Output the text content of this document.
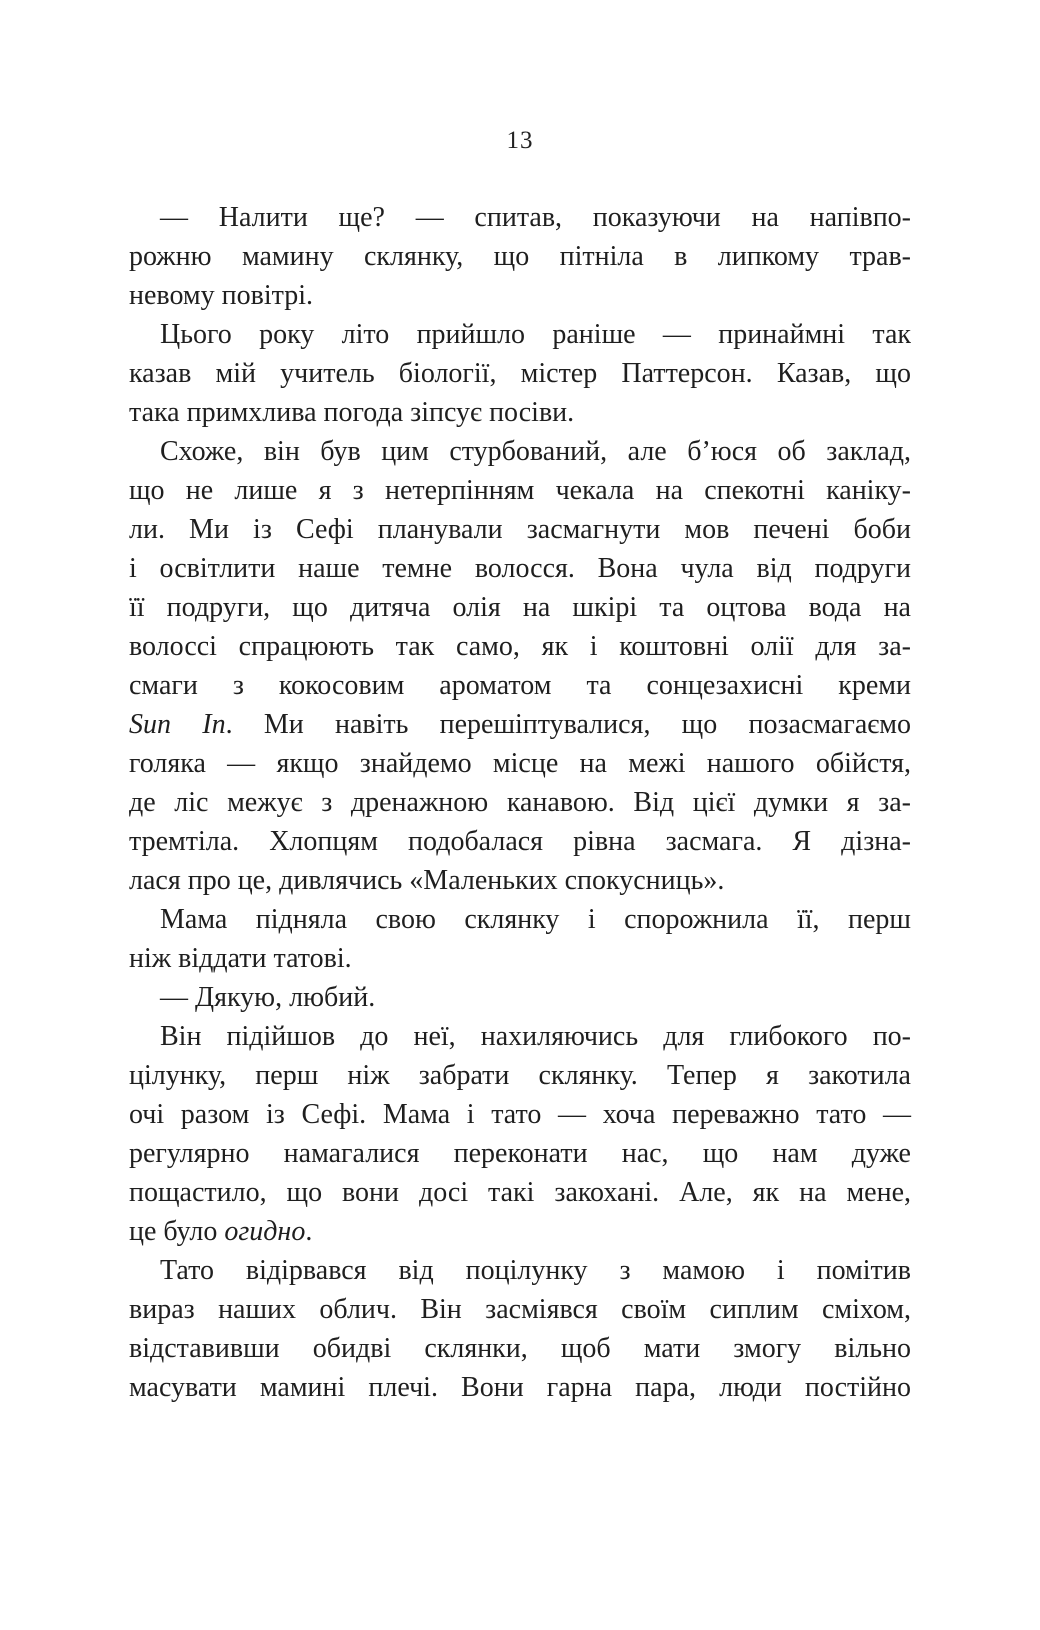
13
— Налити ще? — спитав, показуючи на напівпо-
рожню мамину склянку, що пітніла в липкому трав-
невому повітрі.
Цього року літо прийшло раніше — принаймні так
казав мій учитель біології, містер Паттерсон. Казав, що
така примхлива погода зіпсує посіви.
Схоже, він був цим стурбований, але б’юся об заклад,
що не лише я з нетерпінням чекала на спекотні каніку-
ли. Ми із Сефі планували засмагнути мов печені боби
і освітлити наше темне волосся. Вона чула від подруги
її подруги, що дитяча олія на шкірі та оцтова вода на
волоссі спрацюють так само, як і коштовні олії для за-
смаги з кокосовим ароматом та сонцезахисні креми
Sun In. Ми навіть перешіптувалися, що позасмагаємо
голяка — якщо знайдемо місце на межі нашого обійстя,
де ліс межує з дренажною канавою. Від цієї думки я за-
тремтіла. Хлопцям подобалася рівна засмага. Я дізна-
лася про це, дивлячись «Маленьких спокусниць».
Мама підняла свою склянку і спорожнила її, перш
ніж віддати татові.
— Дякую, любий.
Він підійшов до неї, нахиляючись для глибокого по-
цілунку, перш ніж забрати склянку. Тепер я закотила
очі разом із Сефі. Мама і тато — хоча переважно тато —
регулярно намагалися переконати нас, що нам дуже
пощастило, що вони досі такі закохані. Але, як на мене,
це було огидно.
Тато відірвався від поцілунку з мамою і помітив
вираз наших облич. Він засміявся своїм сиплим сміхом,
відставивши обидві склянки, щоб мати змогу вільно
масувати мамині плечі. Вони гарна пара, люди постійно
